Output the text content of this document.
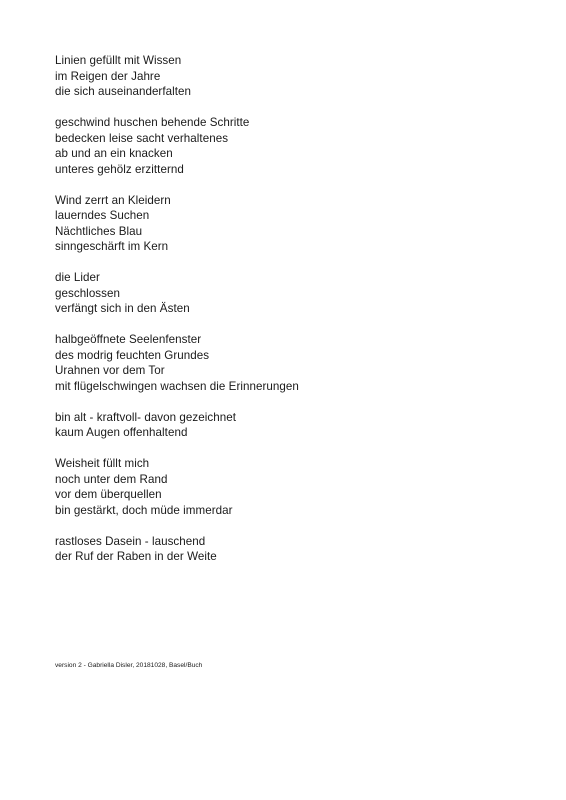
Linien gefüllt mit Wissen
im Reigen der Jahre
die sich auseinanderfalten
geschwind huschen behende Schritte
bedecken leise sacht verhaltenes
ab und an ein knacken
unteres gehölz erzitternd
Wind zerrt an Kleidern
lauerndes Suchen
Nächtliches Blau
sinngeschärft im Kern
die Lider
geschlossen
verfängt sich in den Ästen
halbgeöffnete Seelenfenster
des modrig feuchten Grundes
Urahnen vor dem Tor
mit flügelschwingen wachsen die Erinnerungen
bin alt - kraftvoll- davon gezeichnet
kaum Augen offenhaltend
Weisheit füllt mich
noch unter dem Rand
vor dem überquellen
bin gestärkt, doch müde immerdar
rastloses Dasein - lauschend
der Ruf der Raben in der Weite
version 2 - Gabriella Disler, 20181028, Basel/Buch
